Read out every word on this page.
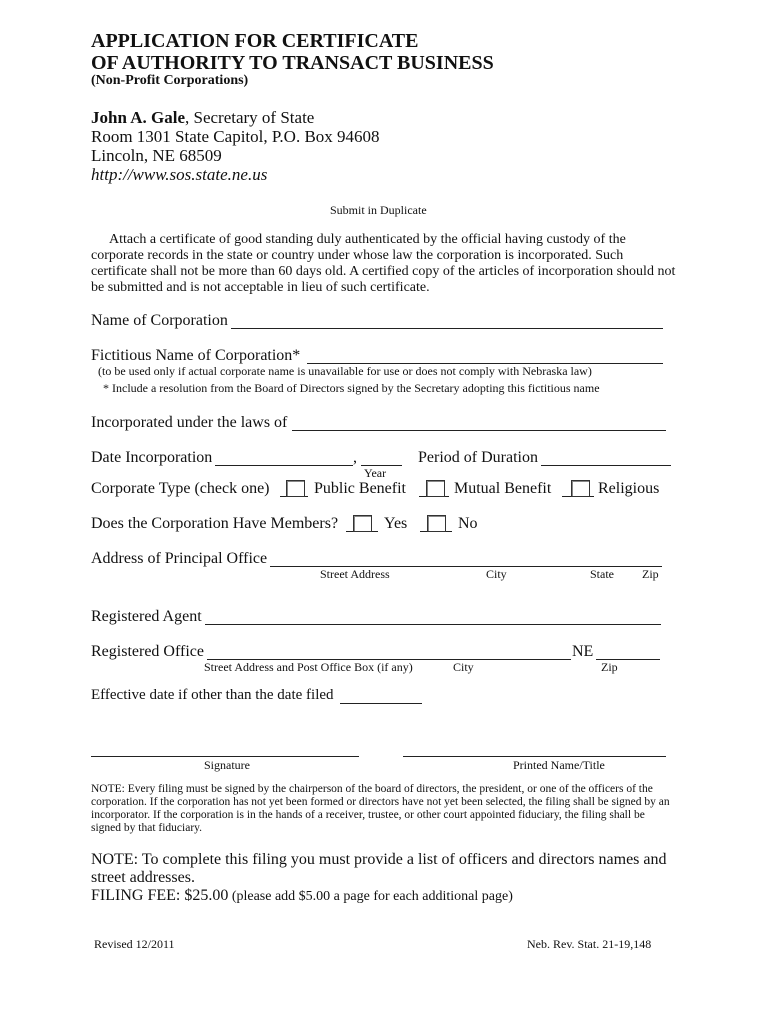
APPLICATION FOR CERTIFICATE
OF AUTHORITY TO TRANSACT BUSINESS
(Non-Profit Corporations)
John A. Gale, Secretary of State
Room 1301 State Capitol, P.O. Box 94608
Lincoln, NE 68509
http://www.sos.state.ne.us
Submit in Duplicate
Attach a certificate of good standing duly authenticated by the official having custody of the corporate records in the state or country under whose law the corporation is incorporated. Such certificate shall not be more than 60 days old. A certified copy of the articles of incorporation should not be submitted and is not acceptable in lieu of such certificate.
Name of Corporation
Fictitious Name of Corporation*
(to be used only if actual corporate name is unavailable for use or does not comply with Nebraska law)
* Include a resolution from the Board of Directors signed by the Secretary adopting this fictitious name
Incorporated under the laws of
Date Incorporation	,
Year
Period of Duration
Corporate Type (check one)	Public Benefit	Mutual Benefit	Religious
Does the Corporation Have Members?	Yes	No
Address of Principal Office
Street Address	City	State Zip
Registered Agent
Registered Office	NE
Street Address and Post Office Box (if any)	City	Zip
Effective date if other than the date filed
Signature	Printed Name/Title
NOTE: Every filing must be signed by the chairperson of the board of directors, the president, or one of the officers of the corporation. If the corporation has not yet been formed or directors have not yet been selected, the filing shall be signed by an incorporator. If the corporation is in the hands of a receiver, trustee, or other court appointed fiduciary, the filing shall be signed by that fiduciary.
NOTE: To complete this filing you must provide a list of officers and directors names and street addresses.
FILING FEE: $25.00 (please add $5.00 a page for each additional page)
Revised 12/2011	Neb. Rev. Stat. 21-19,148
